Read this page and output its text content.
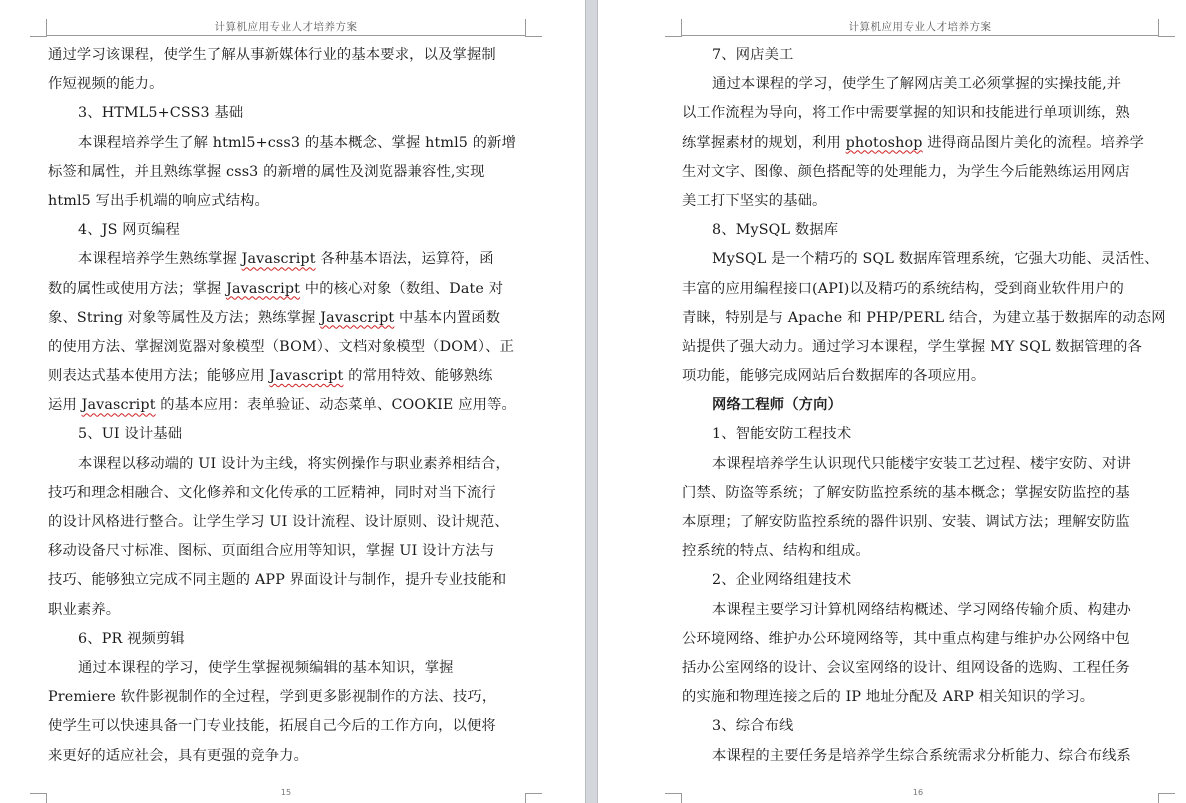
计算机应用专业人才培养方案
通过学习该课程，使学生了解从事新媒体行业的基本要求，以及掌握制
作短视频的能力。
3、HTML5+CSS3 基础
本课程培养学生了解 html5+css3 的基本概念、掌握 html5 的新增
标签和属性，并且熟练掌握 css3 的新增的属性及浏览器兼容性,实现
html5 写出手机端的响应式结构。
4、JS 网页编程
本课程培养学生熟练掌握 Javascript 各种基本语法，运算符，函
数的属性或使用方法；掌握 Javascript 中的核心对象（数组、Date 对
象、String 对象等属性及方法；熟练掌握 Javascript 中基本内置函数
的使用方法、掌握浏览器对象模型（BOM）、文档对象模型（DOM）、正
则表达式基本使用方法；能够应用 Javascript 的常用特效、能够熟练
运用 Javascript 的基本应用：表单验证、动态菜单、COOKIE 应用等。
5、UI 设计基础
本课程以移动端的 UI 设计为主线，将实例操作与职业素养相结合，
技巧和理念相融合、文化修养和文化传承的工匠精神，同时对当下流行
的设计风格进行整合。让学生学习 UI 设计流程、设计原则、设计规范、
移动设备尺寸标准、图标、页面组合应用等知识，掌握 UI 设计方法与
技巧、能够独立完成不同主题的 APP 界面设计与制作，提升专业技能和
职业素养。
6、PR 视频剪辑
通过本课程的学习，使学生掌握视频编辑的基本知识，掌握
Premiere 软件影视制作的全过程，学到更多影视制作的方法、技巧，
使学生可以快速具备一门专业技能，拓展自己今后的工作方向，以便将
来更好的适应社会，具有更强的竞争力。
15
计算机应用专业人才培养方案
7、网店美工
通过本课程的学习，使学生了解网店美工必须掌握的实操技能,并
以工作流程为导向，将工作中需要掌握的知识和技能进行单项训练，熟
练掌握素材的规划，利用 photoshop 进得商品图片美化的流程。培养学
生对文字、图像、颜色搭配等的处理能力，为学生今后能熟练运用网店
美工打下坚实的基础。
8、MySQL 数据库
MySQL 是一个精巧的 SQL 数据库管理系统，它强大功能、灵活性、
丰富的应用编程接口(API)以及精巧的系统结构，受到商业软件用户的
青睐，特别是与 Apache 和 PHP/PERL 结合，为建立基于数据库的动态网
站提供了强大动力。通过学习本课程，学生掌握 MY SQL 数据管理的各
项功能，能够完成网站后台数据库的各项应用。
网络工程师（方向）
1、智能安防工程技术
本课程培养学生认识现代只能楼宇安装工艺过程、楼宇安防、对讲
门禁、防盗等系统；了解安防监控系统的基本概念；掌握安防监控的基
本原理；了解安防监控系统的器件识别、安装、调试方法；理解安防监
控系统的特点、结构和组成。
2、企业网络组建技术
本课程主要学习计算机网络结构概述、学习网络传输介质、构建办
公环境网络、维护办公环境网络等，其中重点构建与维护办公网络中包
括办公室网络的设计、会议室网络的设计、组网设备的选购、工程任务
的实施和物理连接之后的 IP 地址分配及 ARP 相关知识的学习。
3、综合布线
本课程的主要任务是培养学生综合系统需求分析能力、综合布线系
16
